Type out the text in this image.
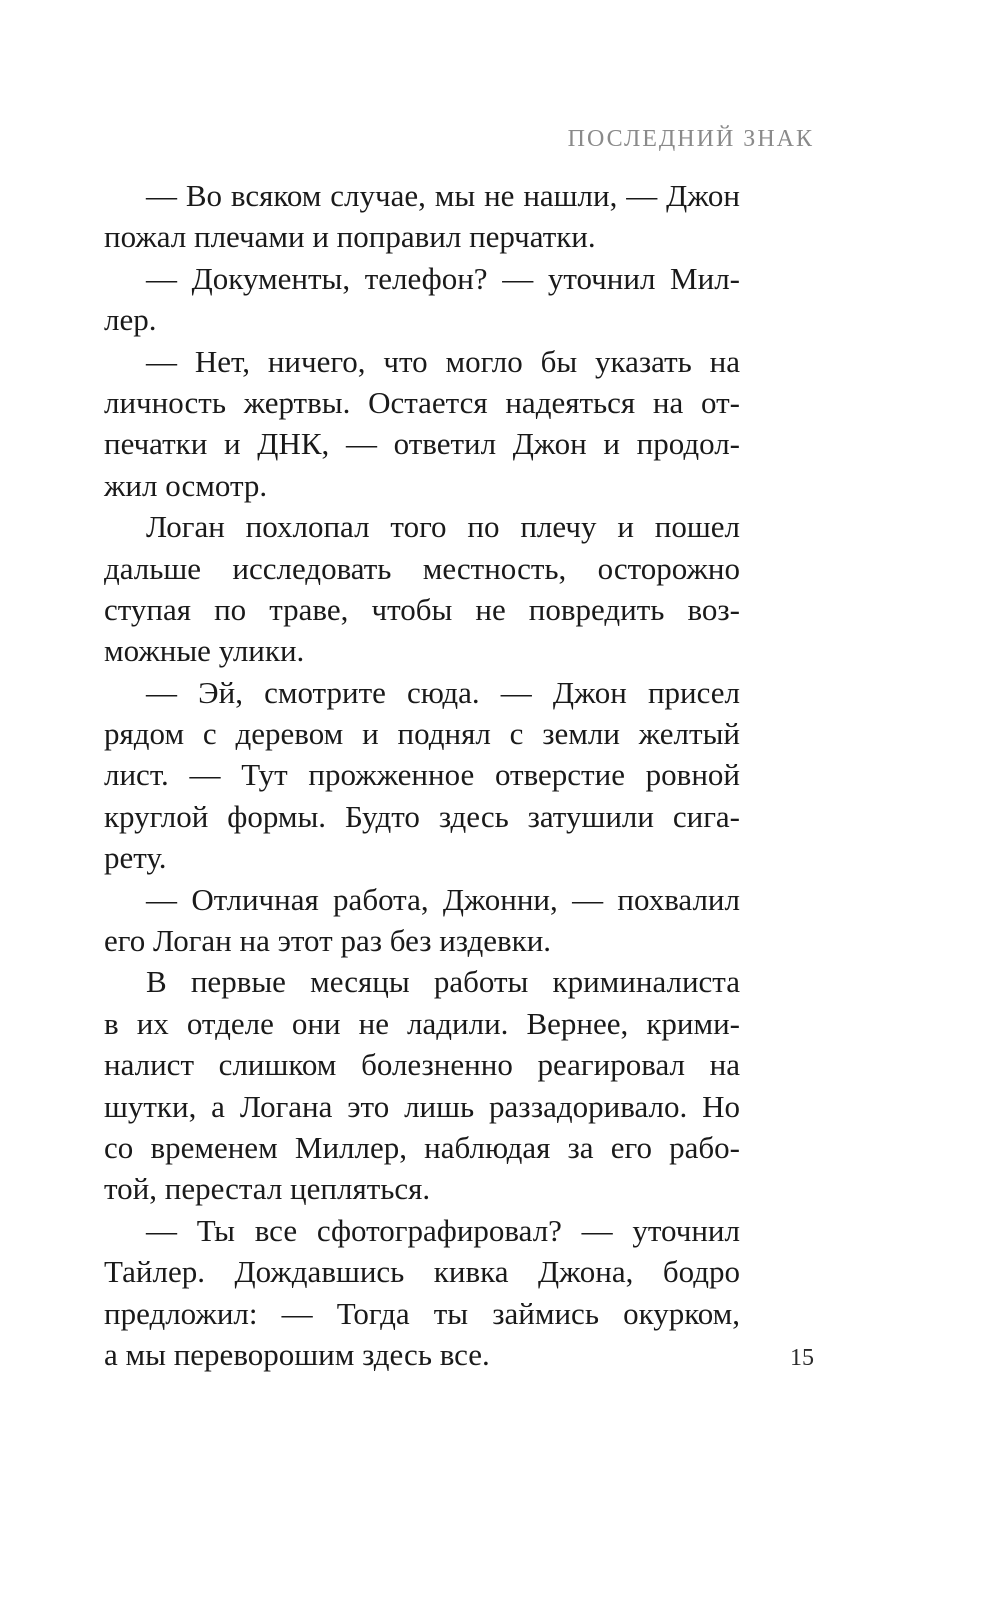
ПОСЛЕДНИЙ ЗНАК
— Во всяком случае, мы не нашли, — Джон
пожал плечами и поправил перчатки.
— Документы, телефон? — уточнил Мил-
лер.
— Нет, ничего, что могло бы указать на
личность жертвы. Остается надеяться на от-
печатки и ДНК, — ответил Джон и продол-
жил осмотр.
Логан похлопал того по плечу и пошел
дальше исследовать местность, осторожно
ступая по траве, чтобы не повредить воз-
можные улики.
— Эй, смотрите сюда. — Джон присел
рядом с деревом и поднял с земли желтый
лист. — Тут прожженное отверстие ровной
круглой формы. Будто здесь затушили сига-
рету.
— Отличная работа, Джонни, — похвалил
его Логан на этот раз без издевки.
В первые месяцы работы криминалиста
в их отделе они не ладили. Вернее, крими-
налист слишком болезненно реагировал на
шутки, а Логана это лишь раззадоривало. Но
со временем Миллер, наблюдая за его рабо-
той, перестал цепляться.
— Ты все сфотографировал? — уточнил
Тайлер. Дождавшись кивка Джона, бодро
предложил: — Тогда ты займись окурком,
а мы переворошим здесь все.	15
